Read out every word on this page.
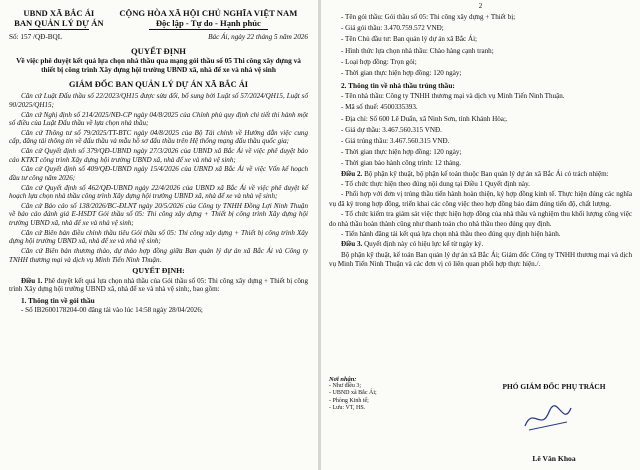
UBND XÃ BẮC ÁI
BAN QUẢN LÝ DỰ ÁN
CỘNG HÒA XÃ HỘI CHỦ NGHĨA VIỆT NAM
Độc lập - Tự do - Hạnh phúc
Số: 157 /QĐ-BQL	Bác Ái, ngày 22 tháng 5 năm 2026
QUYẾT ĐỊNH
Về việc phê duyệt kết quả lựa chọn nhà thầu qua mạng gói thầu số 05 Thi công xây dựng và thiết bị công trình Xây dựng hội trường UBND xã, nhà để xe và nhà vệ sinh
GIÁM ĐỐC BAN QUẢN LÝ DỰ ÁN XÃ BẮC ÁI

Căn cứ Luật Đấu thầu số 22/2023/QH15 được sửa đổi, bổ sung bởi Luật số 57/2024/QH15, Luật số 90/2025/QH15;

Căn cứ Nghị định số 214/2025/NĐ-CP ngày 04/8/2025 của Chính phủ quy định chi tiết thi hành một số điều của Luật Đấu thầu về lựa chọn nhà thầu;

Căn cứ Thông tư số 79/2025/TT-BTC ngày 04/8/2025 của Bộ Tài chính về Hướng dẫn việc cung cấp, đăng tải thông tin về đấu thầu và mẫu hồ sơ đấu thầu trên Hệ thống mạng đấu thầu quốc gia;

Căn cứ Quyết định số 379/QĐ-UBND ngày 27/3/2026 của UBND xã Bắc Ái về việc phê duyệt báo cáo KTKT công trình Xây dựng hội trường UBND xã, nhà để xe và nhà vệ sinh;

Căn cứ Quyết định số 409/QĐ-UBND ngày 15/4/2026 của UBND xã Bắc Ái về việc Vốn kế hoạch đầu tư công năm 2026;

Căn cứ Quyết định số 462/QĐ-UBND ngày 22/4/2026 của UBND xã Bắc Ái về việc phê duyệt kế hoạch lựa chọn nhà thầu công trình Xây dựng hội trường UBND xã, nhà để xe và nhà vệ sinh;

Căn cứ Báo cáo số 138/2026/BC-ĐLNT ngày 20/5/2026 của Công ty TNHH Đồng Lợi Ninh Thuận về báo cáo đánh giá E-HSDT Gói thầu số 05: Thi công xây dựng + Thiết bị công trình Xây dựng hội trường UBND xã, nhà để xe và nhà vệ sinh;

Căn cứ Biên bản điều chỉnh thầu tiêu Gói thầu số 05: Thi công xây dựng + Thiết bị công trình Xây dựng hội trường UBND xã, nhà để xe và nhà vệ sinh;

Căn cứ Biên bản thương thảo, dự thảo hợp đồng giữa Ban quản lý dự án xã Bắc Ái và Công ty TNHH thương mại và dịch vụ Minh Tiến Ninh Thuận.

QUYẾT ĐỊNH:

Điều 1. Phê duyệt kết quả lựa chọn nhà thầu của Gói thầu số 05: Thi công xây dựng + Thiết bị công trình Xây dựng hội trường UBND xã, nhà để xe và nhà vệ sinh;, bao gồm:

1. Thông tin về gói thầu

- Số IB2600178204-00 đăng tải vào lúc 14:58 ngày 28/04/2026;

2
- Tên gói thầu: Gói thầu số 05: Thi công xây dựng + Thiết bị;
- Giá gói thầu: 3.470.759.572 VNĐ;
- Tên Chủ đầu tư: Ban quản lý dự án xã Bắc Ái;
- Hình thức lựa chọn nhà thầu: Chào hàng cạnh tranh;
- Loại hợp đồng: Trọn gói;
- Thời gian thực hiện hợp đồng: 120 ngày;
2. Thông tin về nhà thầu trúng thầu:
- Tên nhà thầu: Công ty TNHH thương mại và dịch vụ Minh Tiến Ninh Thuận.
- Mã số thuế: 4500335393.
- Địa chỉ: Số 600 Lê Duẩn, xã Ninh Sơn, tỉnh Khánh Hòa;.
- Giá dự thầu: 3.467.560.315 VNĐ.
- Giá trúng thầu: 3.467.560.315 VNĐ.
- Thời gian thực hiện hợp đồng: 120 ngày;
- Thời gian bảo hành công trình: 12 tháng.

Điều 2. Bộ phận kỹ thuật, bộ phận kế toán thuộc Ban quản lý dự án xã Bắc Ái có trách nhiệm:

- Tổ chức thực hiện theo đúng nội dung tại Điều 1 Quyết định này.

- Phối hợp với đơn vị trúng thầu tiến hành hoàn thiện, ký hợp đồng kinh tế. Thực hiện đúng các nghĩa vụ đã ký trong hợp đồng, triển khai các công việc theo hợp đồng bảo đảm đúng tiến độ, chất lượng.

- Tổ chức kiểm tra giám sát việc thực hiện hợp đồng của nhà thầu và nghiệm thu khối lượng công việc do nhà thầu hoàn thành cũng như thanh toán cho nhà thầu theo đúng quy định.

- Tiến hành đăng tải kết quả lựa chọn nhà thầu theo đúng quy định hiện hành.

Điều 3. Quyết định này có hiệu lực kể từ ngày ký.

Bộ phận kỹ thuật, kế toán Ban quản lý dự án xã Bắc Ái; Giám đốc Công ty TNHH thương mại và dịch vụ Minh Tiến Ninh Thuận và các đơn vị có liên quan phối hợp thực hiện./.

Nơi nhận:
- Như điều 3;
- UBND xã Bắc Ái;
- Phòng Kinh tế;
- Lưu: VT, HS.
PHÓ GIÁM ĐỐC PHỤ TRÁCH
Lê Văn Khoa
